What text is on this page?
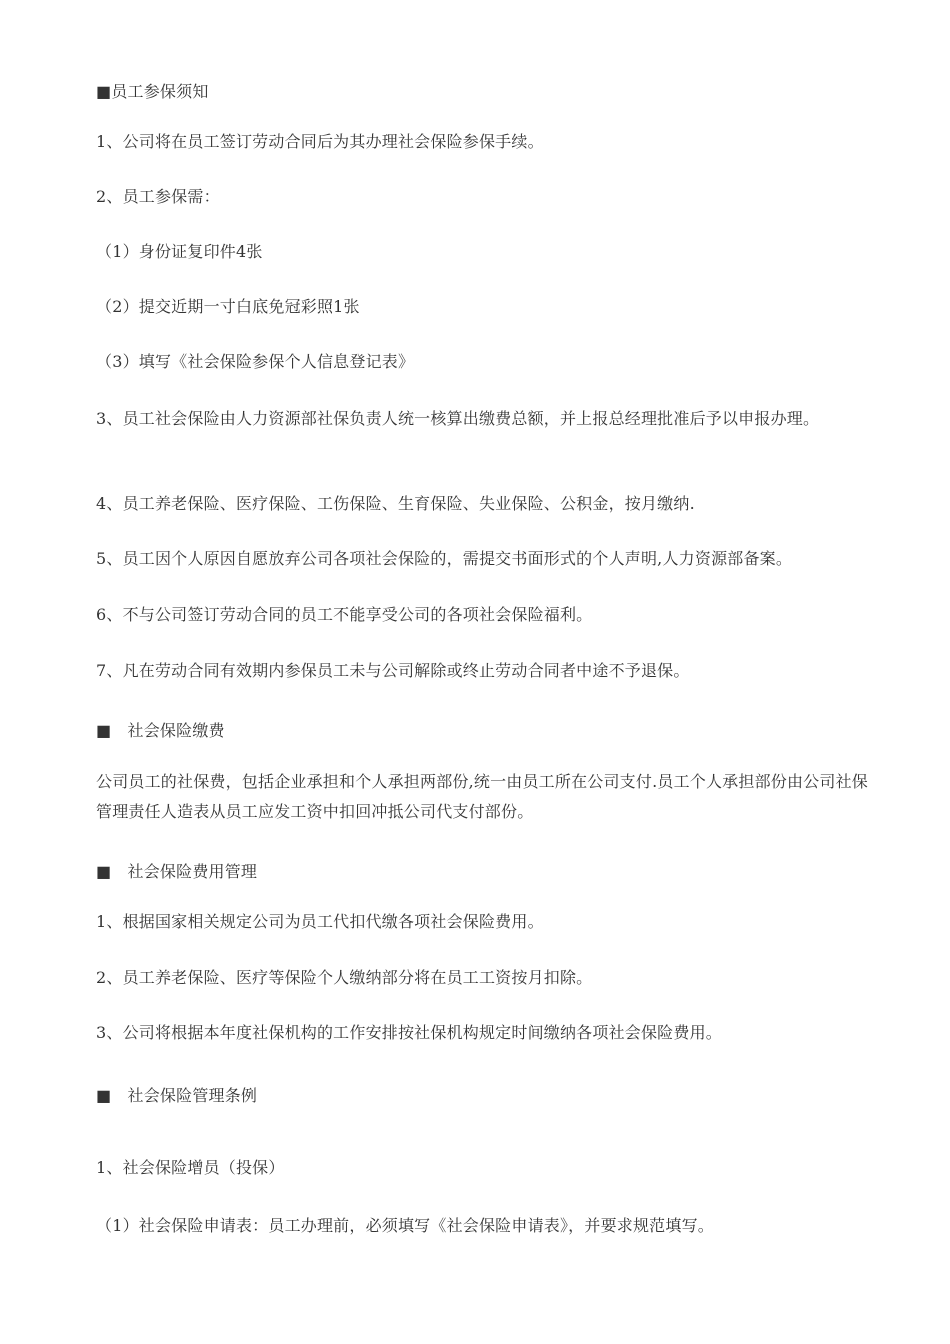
■员工参保须知

1、公司将在员工签订劳动合同后为其办理社会保险参保手续。

2、员工参保需：

（1）身份证复印件4张

（2）提交近期一寸白底免冠彩照1张

（3）填写《社会保险参保个人信息登记表》

3、员工社会保险由人力资源部社保负责人统一核算出缴费总额，并上报总经理批准后予以申报办理。

4、员工养老保险、医疗保险、工伤保险、生育保险、失业保险、公积金，按月缴纳.

5、员工因个人原因自愿放弃公司各项社会保险的，需提交书面形式的个人声明,人力资源部备案。

6、不与公司签订劳动合同的员工不能享受公司的各项社会保险福利。

7、凡在劳动合同有效期内参保员工未与公司解除或终止劳动合同者中途不予退保。

■　社会保险缴费

公司员工的社保费，包括企业承担和个人承担两部份,统一由员工所在公司支付.员工个人承担部份由公司社保管理责任人造表从员工应发工资中扣回冲抵公司代支付部份。

■　社会保险费用管理

1、根据国家相关规定公司为员工代扣代缴各项社会保险费用。

2、员工养老保险、医疗等保险个人缴纳部分将在员工工资按月扣除。

3、公司将根据本年度社保机构的工作安排按社保机构规定时间缴纳各项社会保险费用。

■　社会保险管理条例

1、社会保险增员（投保）

（1）社会保险申请表：员工办理前，必须填写《社会保险申请表》，并要求规范填写。
